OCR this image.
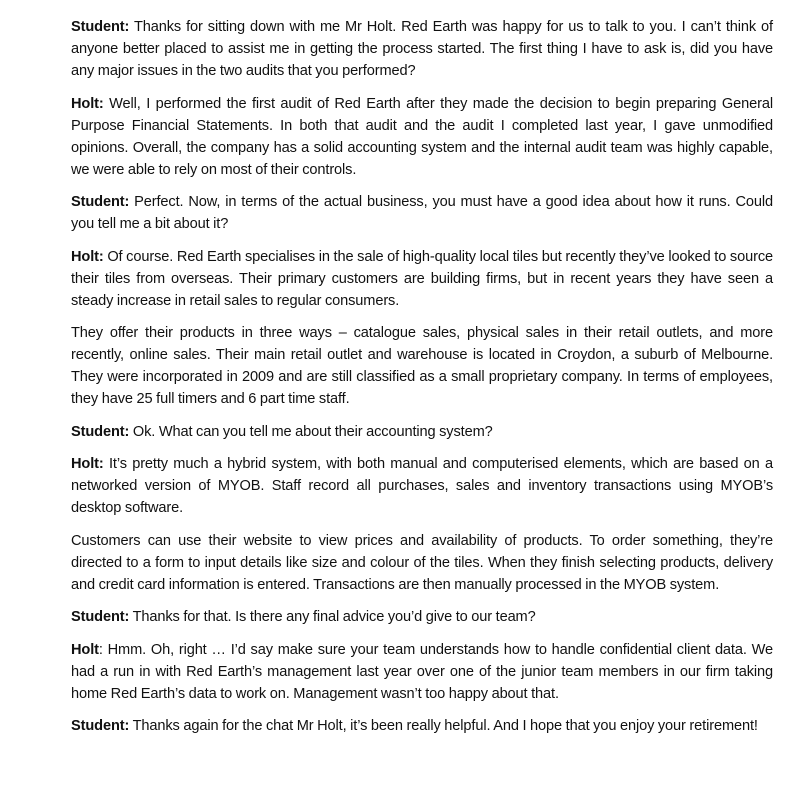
Student: Thanks for sitting down with me Mr Holt. Red Earth was happy for us to talk to you. I can’t think of anyone better placed to assist me in getting the process started. The first thing I have to ask is, did you have any major issues in the two audits that you performed?

Holt: Well, I performed the first audit of Red Earth after they made the decision to begin preparing General Purpose Financial Statements. In both that audit and the audit I completed last year, I gave unmodified opinions. Overall, the company has a solid accounting system and the internal audit team was highly capable, we were able to rely on most of their controls.

Student: Perfect. Now, in terms of the actual business, you must have a good idea about how it runs. Could you tell me a bit about it?

Holt: Of course. Red Earth specialises in the sale of high-quality local tiles but recently they’ve looked to source their tiles from overseas. Their primary customers are building firms, but in recent years they have seen a steady increase in retail sales to regular consumers.

They offer their products in three ways – catalogue sales, physical sales in their retail outlets, and more recently, online sales. Their main retail outlet and warehouse is located in Croydon, a suburb of Melbourne. They were incorporated in 2009 and are still classified as a small proprietary company. In terms of employees, they have 25 full timers and 6 part time staff.

Student: Ok. What can you tell me about their accounting system?

Holt: It’s pretty much a hybrid system, with both manual and computerised elements, which are based on a networked version of MYOB. Staff record all purchases, sales and inventory transactions using MYOB’s desktop software.

Customers can use their website to view prices and availability of products. To order something, they’re directed to a form to input details like size and colour of the tiles. When they finish selecting products, delivery and credit card information is entered. Transactions are then manually processed in the MYOB system.

Student: Thanks for that. Is there any final advice you’d give to our team?

Holt: Hmm. Oh, right … I’d say make sure your team understands how to handle confidential client data. We had a run in with Red Earth’s management last year over one of the junior team members in our firm taking home Red Earth’s data to work on. Management wasn’t too happy about that.

Student: Thanks again for the chat Mr Holt, it’s been really helpful. And I hope that you enjoy your retirement!
